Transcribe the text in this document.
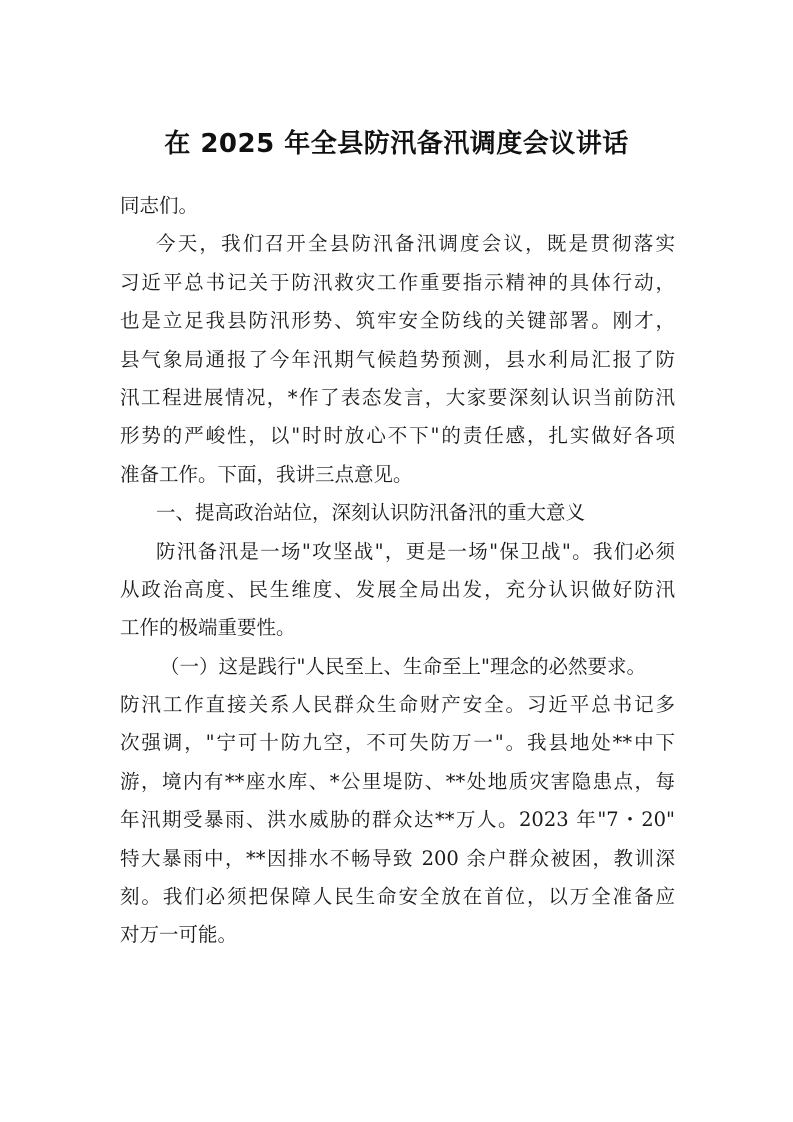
在 2025 年全县防汛备汛调度会议讲话
同志们。
今天，我们召开全县防汛备汛调度会议，既是贯彻落实
习近平总书记关于防汛救灾工作重要指示精神的具体行动，
也是立足我县防汛形势、筑牢安全防线的关键部署。刚才，
县气象局通报了今年汛期气候趋势预测，县水利局汇报了防
汛工程进展情况，*作了表态发言，大家要深刻认识当前防汛
形势的严峻性，以"时时放心不下"的责任感，扎实做好各项
准备工作。下面，我讲三点意见。
一、提高政治站位，深刻认识防汛备汛的重大意义
防汛备汛是一场"攻坚战"，更是一场"保卫战"。我们必须
从政治高度、民生维度、发展全局出发，充分认识做好防汛
工作的极端重要性。
（一）这是践行"人民至上、生命至上"理念的必然要求。
防汛工作直接关系人民群众生命财产安全。习近平总书记多
次强调，"宁可十防九空，不可失防万一"。我县地处**中下
游，境内有**座水库、*公里堤防、**处地质灾害隐患点，每
年汛期受暴雨、洪水威胁的群众达**万人。2023 年"7・20"
特大暴雨中，**因排水不畅导致 200 余户群众被困，教训深
刻。我们必须把保障人民生命安全放在首位，以万全准备应
对万一可能。
